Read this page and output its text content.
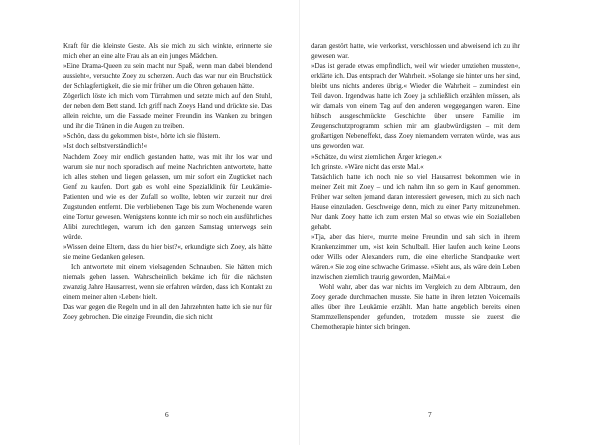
Kraft für die kleinste Geste. Als sie mich zu sich winkte, erinnerte sie mich eher an eine alte Frau als an ein junges Mädchen.

»Eine Drama-Queen zu sein macht nur Spaß, wenn man dabei blendend aussieht«, versuchte Zoey zu scherzen. Auch das war nur ein Bruchstück der Schlagfertigkeit, die sie mir früher um die Ohren gehauen hätte.

Zögerlich löste ich mich vom Türrahmen und setzte mich auf den Stuhl, der neben dem Bett stand. Ich griff nach Zoeys Hand und drückte sie. Das allein reichte, um die Fassade meiner Freundin ins Wanken zu bringen und ihr die Tränen in die Augen zu treiben.

»Schön, dass du gekommen bist«, hörte ich sie flüstern.

»Ist doch selbstverständlich!«

Nachdem Zoey mir endlich gestanden hatte, was mit ihr los war und warum sie nur noch sporadisch auf meine Nachrichten antwortete, hatte ich alles stehen und liegen gelassen, um mir sofort ein Zugticket nach Genf zu kaufen. Dort gab es wohl eine Spezialklinik für Leukämie-Patienten und wie es der Zufall so wollte, lebten wir zurzeit nur drei Zugstunden entfernt. Die verbliebenen Tage bis zum Wochenende waren eine Tortur gewesen. Wenigstens konnte ich mir so noch ein ausführliches Alibi zurechtlegen, warum ich den ganzen Samstag unterwegs sein würde.

»Wissen deine Eltern, dass du hier bist?«, erkundigte sich Zoey, als hätte sie meine Gedanken gelesen.

Ich antwortete mit einem vielsagenden Schnauben. Sie hätten mich niemals gehen lassen. Wahrscheinlich bekäme ich für die nächsten zwanzig Jahre Hausarrest, wenn sie erfahren würden, dass ich Kontakt zu einem meiner alten ›Leben‹ hielt.

Das war gegen die Regeln und in all den Jahrzehnten hatte ich sie nur für Zoey gebrochen. Die einzige Freundin, die sich nicht

6

daran gestört hatte, wie verkorkst, verschlossen und abweisend ich zu ihr gewesen war.

»Das ist gerade etwas empfindlich, weil wir wieder umziehen mussten«, erklärte ich. Das entsprach der Wahrheit. »Solange sie hinter uns her sind, bleibt uns nichts anderes übrig.« Wieder die Wahrheit – zumindest ein Teil davon. Irgendwas hatte ich Zoey ja schließlich erzählen müssen, als wir damals von einem Tag auf den anderen weggegangen waren. Eine hübsch ausgeschmückte Geschichte über unsere Familie im Zeugenschutzprogramm schien mir am glaubwürdigsten – mit dem großartigen Nebeneffekt, dass Zoey niemandem verraten würde, was aus uns geworden war.

»Schätze, du wirst ziemlichen Ärger kriegen.«

Ich grinste. »Wäre nicht das erste Mal.«

Tatsächlich hatte ich noch nie so viel Hausarrest bekommen wie in meiner Zeit mit Zoey – und ich nahm ihn so gern in Kauf genommen. Früher war selten jemand daran interessiert gewesen, mich zu sich nach Hause einzuladen. Geschweige denn, mich zu einer Party mitzunehmen. Nur dank Zoey hatte ich zum ersten Mal so etwas wie ein Sozialleben gehabt.

»Tja, aber das hier«, murrte meine Freundin und sah sich in ihrem Krankenzimmer um, »ist kein Schulball. Hier laufen auch keine Leons oder Wills oder Alexanders rum, die eine elterliche Standpauke wert wären.« Sie zog eine schwache Grimasse. »Sieht aus, als wäre dein Leben inzwischen ziemlich traurig geworden, MaiMai.«

Wohl wahr, aber das war nichts im Vergleich zu dem Albtraum, den Zoey gerade durchmachen musste. Sie hatte in ihren letzten Voicemails alles über ihre Leukämie erzählt. Man hatte angeblich bereits einen Stammzellenspender gefunden, trotzdem musste sie zuerst die Chemotherapie hinter sich bringen.

7
